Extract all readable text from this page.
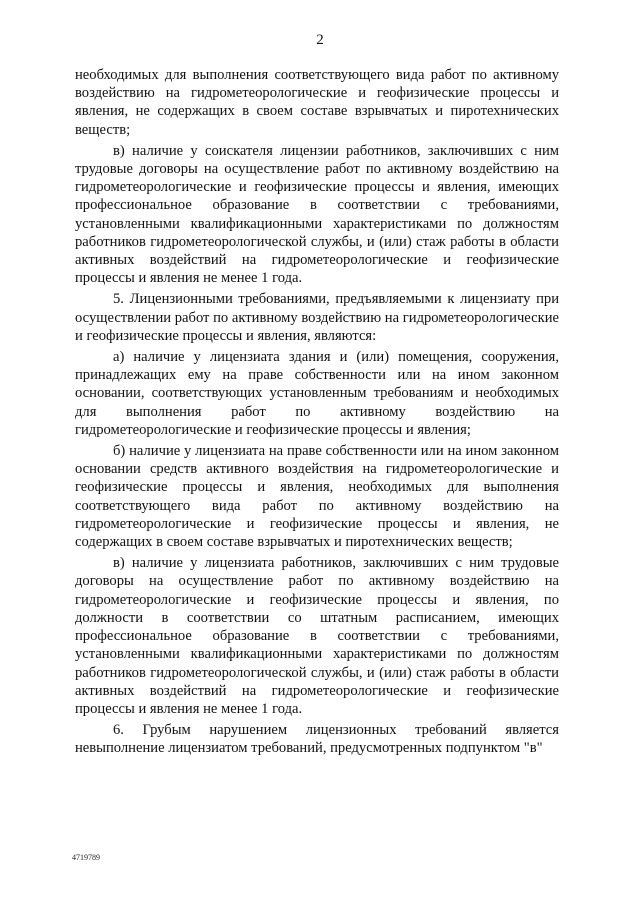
2

необходимых для выполнения соответствующего вида работ по активному воздействию на гидрометеорологические и геофизические процессы и явления, не содержащих в своем составе взрывчатых и пиротехнических веществ;

в) наличие у соискателя лицензии работников, заключивших с ним трудовые договоры на осуществление работ по активному воздействию на гидрометеорологические и геофизические процессы и явления, имеющих профессиональное образование в соответствии с требованиями, установленными квалификационными характеристиками по должностям работников гидрометеорологической службы, и (или) стаж работы в области активных воздействий на гидрометеорологические и геофизические процессы и явления не менее 1 года.

5. Лицензионными требованиями, предъявляемыми к лицензиату при осуществлении работ по активному воздействию на гидрометеорологические и геофизические процессы и явления, являются:

а) наличие у лицензиата здания и (или) помещения, сооружения, принадлежащих ему на праве собственности или на ином законном основании, соответствующих установленным требованиям и необходимых для выполнения работ по активному воздействию на гидрометеорологические и геофизические процессы и явления;

б) наличие у лицензиата на праве собственности или на ином законном основании средств активного воздействия на гидрометеорологические и геофизические процессы и явления, необходимых для выполнения соответствующего вида работ по активному воздействию на гидрометеорологические и геофизические процессы и явления, не содержащих в своем составе взрывчатых и пиротехнических веществ;

в) наличие у лицензиата работников, заключивших с ним трудовые договоры на осуществление работ по активному воздействию на гидрометеорологические и геофизические процессы и явления, по должности в соответствии со штатным расписанием, имеющих профессиональное образование в соответствии с требованиями, установленными квалификационными характеристиками по должностям работников гидрометеорологической службы, и (или) стаж работы в области активных воздействий на гидрометеорологические и геофизические процессы и явления не менее 1 года.

6. Грубым нарушением лицензионных требований является невыполнение лицензиатом требований, предусмотренных подпунктом "в"

4719789
